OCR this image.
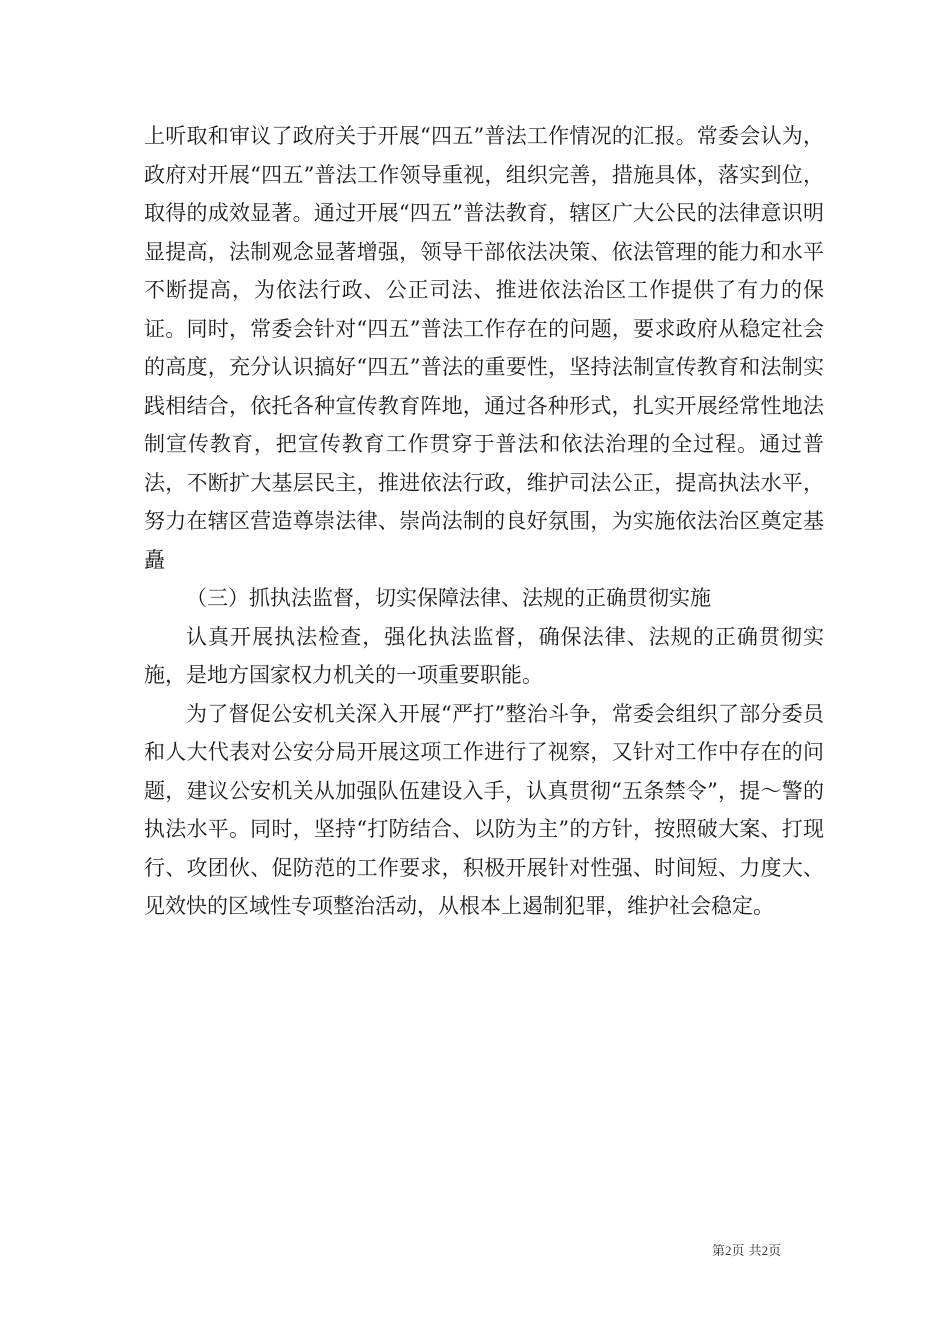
上听取和审议了政府关于开展“四五”普法工作情况的汇报。常委会认为，政府对开展“四五”普法工作领导重视，组织完善，措施具体，落实到位，取得的成效显著。通过开展“四五”普法教育，辖区广大公民的法律意识明显提高，法制观念显著增强，领导干部依法决策、依法管理的能力和水平不断提高，为依法行政、公正司法、推进依法治区工作提供了有力的保证。同时，常委会针对“四五”普法工作存在的问题，要求政府从稳定社会的高度，充分认识搞好“四五”普法的重要性，坚持法制宣传教育和法制实践相结合，依托各种宣传教育阵地，通过各种形式，扎实开展经常性地法制宣传教育，把宣传教育工作贯穿于普法和依法治理的全过程。通过普法，不断扩大基层民主，推进依法行政，维护司法公正，提高执法水平，努力在辖区营造尊崇法律、崇尚法制的良好氛围，为实施依法治区奠定基矗

（三）抓执法监督，切实保障法律、法规的正确贯彻实施

认真开展执法检查，强化执法监督，确保法律、法规的正确贯彻实施，是地方国家权力机关的一项重要职能。

为了督促公安机关深入开展“严打”整治斗争，常委会组织了部分委员和人大代表对公安分局开展这项工作进行了视察，又针对工作中存在的问题，建议公安机关从加强队伍建设入手，认真贯彻“五条禁令”，提～警的执法水平。同时，坚持“打防结合、以防为主”的方针，按照破大案、打现行、攻团伙、促防范的工作要求，积极开展针对性强、时间短、力度大、见效快的区域性专项整治活动，从根本上遏制犯罪，维护社会稳定。

第2页 共2页
